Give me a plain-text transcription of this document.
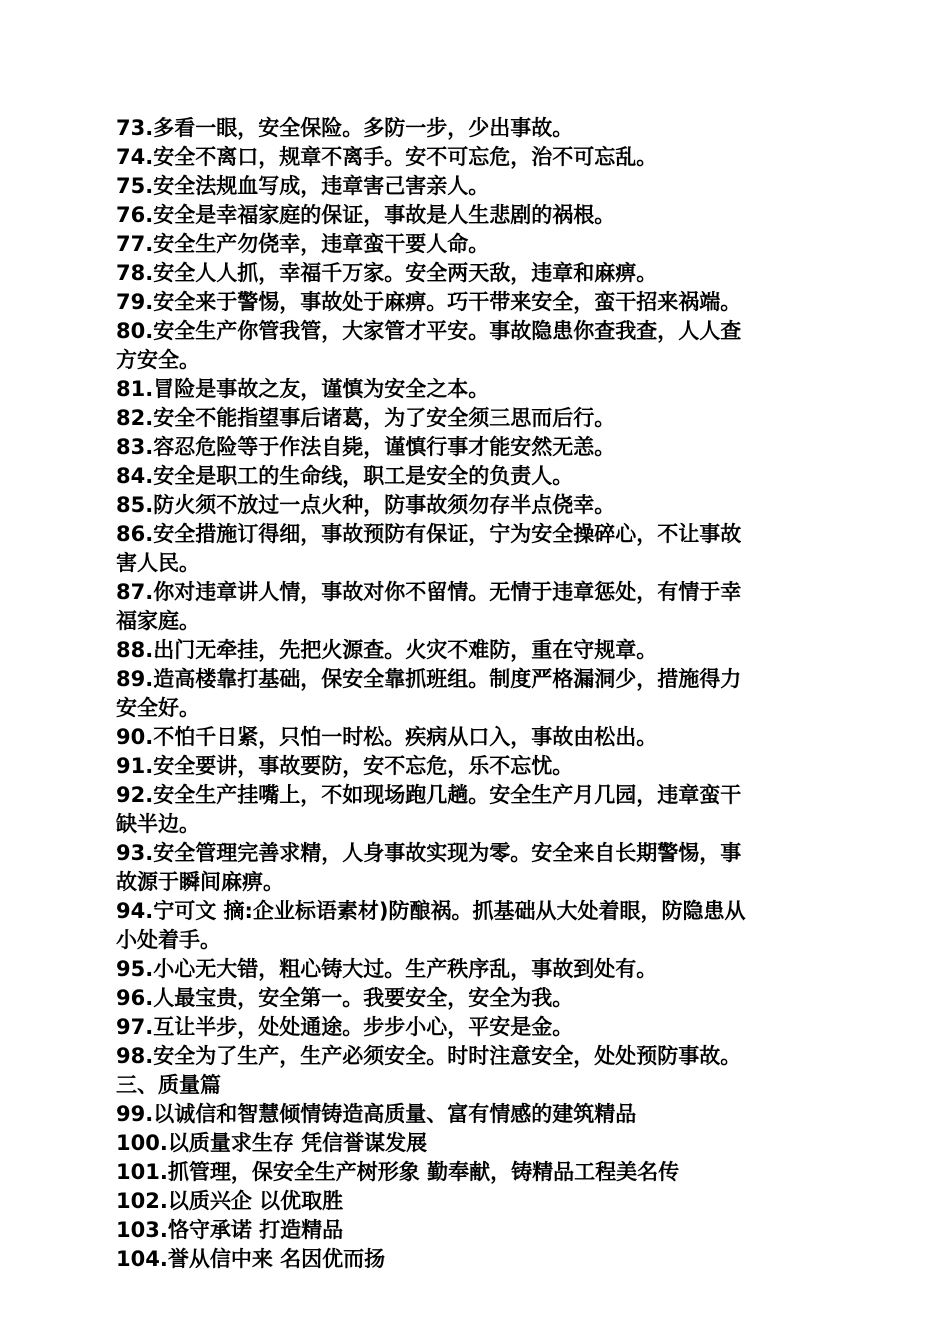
73.多看一眼，安全保险。多防一步，少出事故。
74.安全不离口，规章不离手。安不可忘危，治不可忘乱。
75.安全法规血写成，违章害己害亲人。
76.安全是幸福家庭的保证，事故是人生悲剧的祸根。
77.安全生产勿侥幸，违章蛮干要人命。
78.安全人人抓，幸福千万家。安全两天敌，违章和麻痹。
79.安全来于警惕，事故处于麻痹。巧干带来安全，蛮干招来祸端。
80.安全生产你管我管，大家管才平安。事故隐患你查我查，人人查
方安全。
81.冒险是事故之友，谨慎为安全之本。
82.安全不能指望事后诸葛，为了安全须三思而后行。
83.容忍危险等于作法自毙，谨慎行事才能安然无恙。
84.安全是职工的生命线，职工是安全的负责人。
85.防火须不放过一点火种，防事故须勿存半点侥幸。
86.安全措施订得细，事故预防有保证，宁为安全操碎心，不让事故
害人民。
87.你对违章讲人情，事故对你不留情。无情于违章惩处，有情于幸
福家庭。
88.出门无牵挂，先把火源查。火灾不难防，重在守规章。
89.造高楼靠打基础，保安全靠抓班组。制度严格漏洞少，措施得力
安全好。
90.不怕千日紧，只怕一时松。疾病从口入，事故由松出。
91.安全要讲，事故要防，安不忘危，乐不忘忧。
92.安全生产挂嘴上，不如现场跑几趟。安全生产月几园，违章蛮干
缺半边。
93.安全管理完善求精，人身事故实现为零。安全来自长期警惕，事
故源于瞬间麻痹。
94.宁可文 摘:企业标语素材)防酿祸。抓基础从大处着眼，防隐患从
小处着手。
95.小心无大错，粗心铸大过。生产秩序乱，事故到处有。
96.人最宝贵，安全第一。我要安全，安全为我。
97.互让半步，处处通途。步步小心，平安是金。
98.安全为了生产，生产必须安全。时时注意安全，处处预防事故。
三、质量篇
99.以诚信和智慧倾情铸造高质量、富有情感的建筑精品
100.以质量求生存 凭信誉谋发展
101.抓管理，保安全生产树形象 勤奉献，铸精品工程美名传
102.以质兴企 以优取胜
103.恪守承诺 打造精品
104.誉从信中来 名因优而扬
